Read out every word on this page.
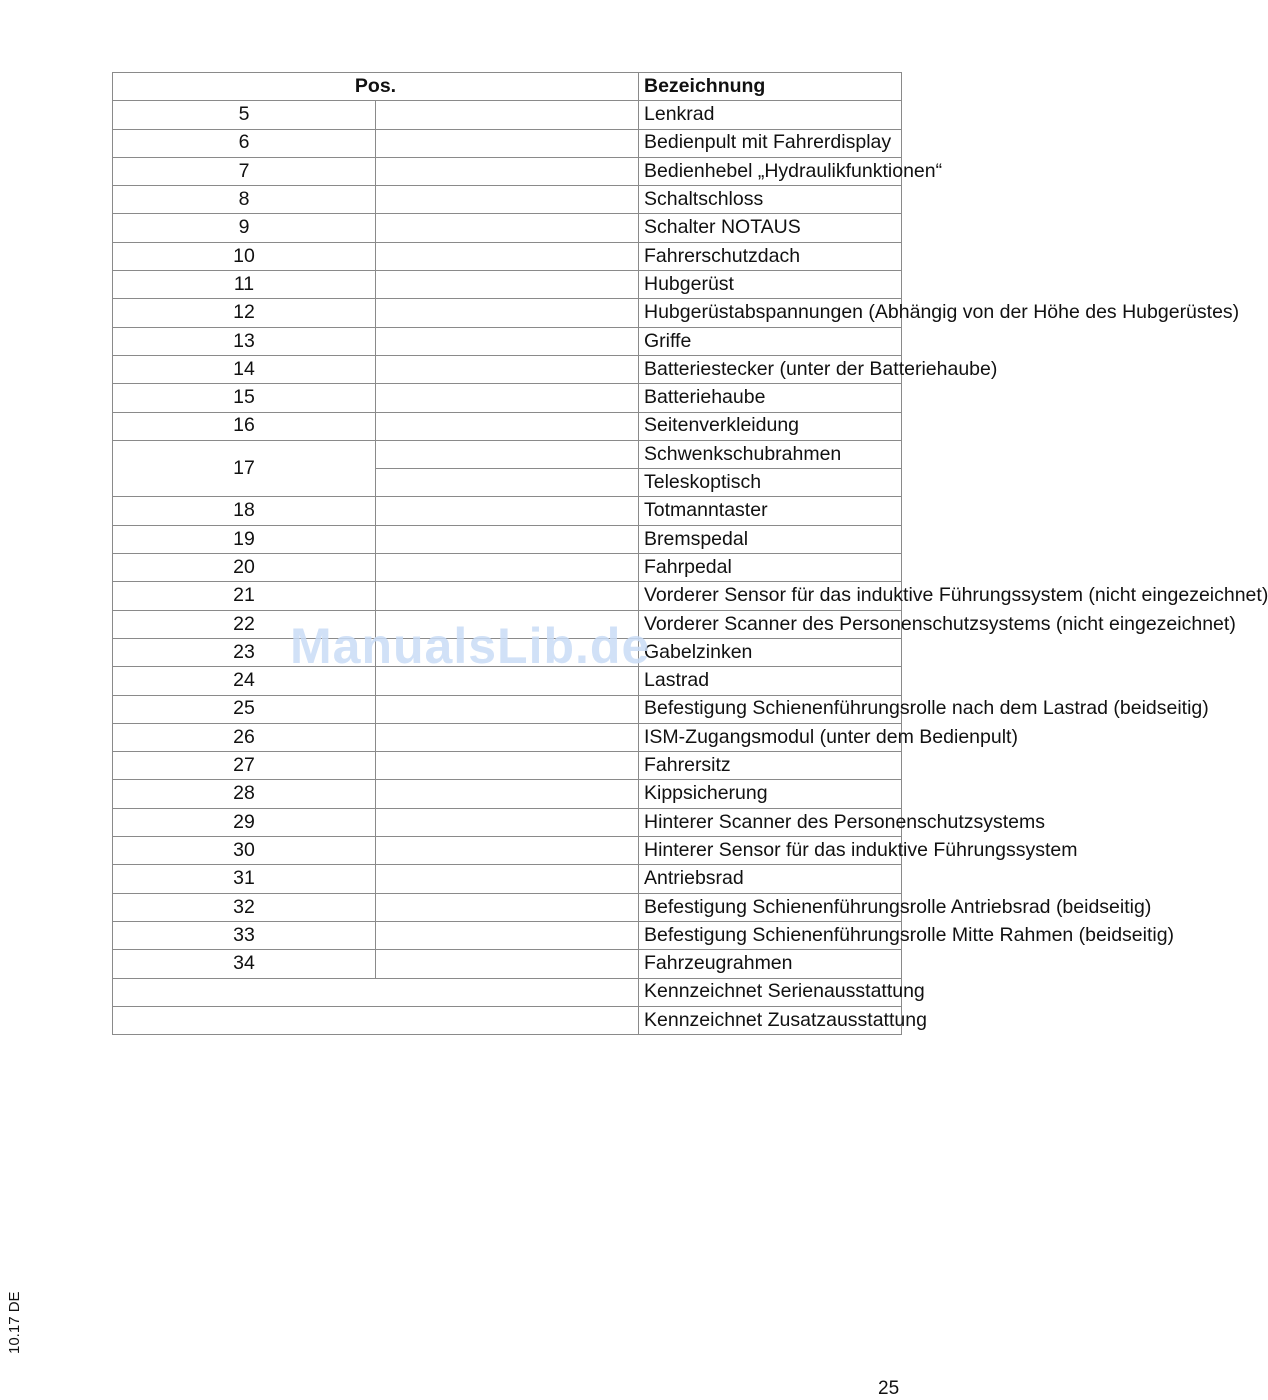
Pos.		Bezeichnung
5		Lenkrad
6		Bedienpult mit Fahrerdisplay
7		Bedienhebel „Hydraulikfunktionen“
8		Schaltschloss
9		Schalter NOTAUS
10		Fahrerschutzdach
11		Hubgerüst
12		Hubgerüstabspannungen (Abhängig von der Höhe des Hubgerüstes)
13		Griffe
14		Batteriestecker (unter der Batteriehaube)
15		Batteriehaube
16		Seitenverkleidung
17		Schwenkschubrahmen
		Teleskoptisch
18		Totmanntaster
19		Bremspedal
20		Fahrpedal
21		Vorderer Sensor für das induktive Führungssystem (nicht eingezeichnet)
22		Vorderer Scanner des Personenschutzsystems (nicht eingezeichnet)
23		Gabelzinken
24		Lastrad
25		Befestigung Schienenführungsrolle nach dem Lastrad (beidseitig)
26		ISM-Zugangsmodul (unter dem Bedienpult)
27		Fahrersitz
28		Kippsicherung
29		Hinterer Scanner des Personenschutzsystems
30		Hinterer Sensor für das induktive Führungssystem
31		Antriebsrad
32		Befestigung Schienenführungsrolle Antriebsrad (beidseitig)
33		Befestigung Schienenführungsrolle Mitte Rahmen (beidseitig)
34		Fahrzeugrahmen
		Kennzeichnet Serienausstattung
		Kennzeichnet Zusatzausstattung
ManualsLib.de
10.17 DE
25
